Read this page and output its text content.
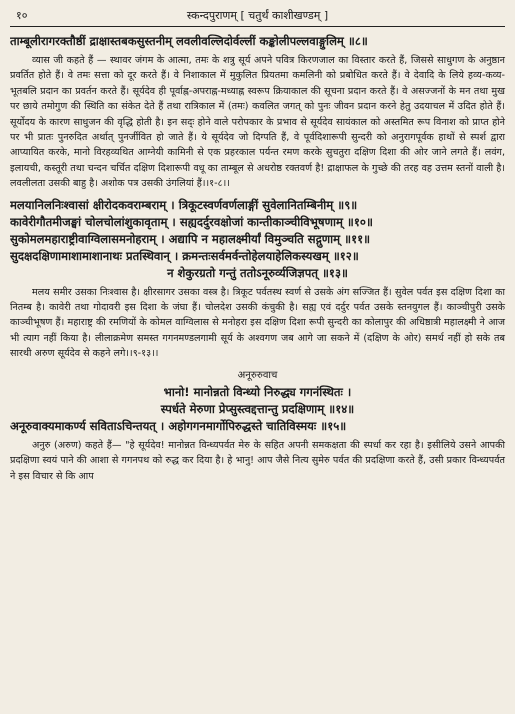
१०	स्कन्दपुराणम् [ चतुर्थं काशीखण्डम् ]
ताम्बूलीरागरक्तौष्ठीं द्राक्षास्तबकसुस्तनीम् लवलीवल्लिदोर्वल्लीं कङ्कोलीपल्लवाङ्गुलिम् ॥८॥

व्यास जी कहते हैं — स्थावर जंगम के आत्मा, तमः के शत्रु सूर्य अपने पवित्र किरणजाल का विस्तार करते हैं, जिससे साधुगण के अनुष्ठान प्रवर्तित होते हैं। वे तमः सत्ता को दूर करते हैं। वे निशाकाल में मुकुलित प्रियतमा कमलिनी को प्रबोधित करते हैं। वे देवादि के लिये हव्य-कव्य-भूतबलि प्रदान का प्रवर्तन करते हैं। सूर्यदेव ही पूर्वाह्न-अपराह्न-मध्याह्न स्वरूप क्रियाकाल की सूचना प्रदान करते हैं। वे असज्जनों के मन तथा मुख पर छाये तमोगुण की स्थिति का संकेत देते हैं तथा रात्रिकाल में (तमः) कवलित जगत् को पुनः जीवन प्रदान करने हेतु उदयाचल में उदित होते हैं। सूर्योदय के कारण साधुजन की वृद्धि होती है। इन सद्‌ः होने वाले परोपकार के प्रभाव से सूर्यदेव सायंकाल को अस्तमित रूप विनाश को प्राप्त होने पर भी प्रातः पुनरुदित अर्थात् पुनर्जीवित हो जाते हैं। ये सूर्यदेव जो दिग्पति हैं, वे पूर्वदिशारूपी सुन्दरी को अनुरागपूर्वक हाथों से स्पर्श द्वारा आप्यायित करके, मानो विरहव्यथित आग्नेयी कामिनी से एक प्रहरकाल पर्यन्त रमण करके सुचतुरा दक्षिण दिशा की ओर जाने लगते हैं। लवंग, इलायची, कस्तूरी तथा चन्दन चर्चित दक्षिण दिशारूपी वधू का ताम्बूल से अधरोष्ठ रक्तवर्ण है! द्राक्षाफल के गुच्छे की तरह वह उत्तम स्तनों वाली है। लवलीलता उसकी बाहु है। अशोक पत्र उसकी उंगलियां हैं।।१-८।।

मलयानिलनिःश्वासां क्षीरोदकवराम्बराम् । त्रिकूटस्वर्णवर्णलाङ्गीं सुवेलानितम्बिनीम् ॥९॥
कावेरीगौतमीजङ्घां चोलचोलांशुकावृताम् । सह्यदर्दुरवक्षोजां कान्तीकाञ्चीविभूषणाम् ॥१०॥
सुकोमलमहाराष्ट्रीवाग्विलासमनोहराम् । अद्यापि न महालक्ष्मीर्यां विमुञ्चति सद्गुणाम् ॥११॥
सुदक्षदक्षिणामाशामाशानाथः प्रतस्थिवान् । क्रमन्तःसर्वमर्वन्तोहेलयाहेलिकस्यखम् ॥१२॥
न शेकुरग्रतो गन्तुं ततोऽनूरुर्व्यजिज्ञपत् ॥१३॥

मलय समीर उसका निःश्वास है। क्षीरसागर उसका वस्त्र है। त्रिकूट पर्वतस्थ स्वर्ण से उसके अंग सज्जित हैं। सुवेल पर्वत इस दक्षिण दिशा का नितम्ब है। कावेरी तथा गोदावरी इस दिशा के जंघा हैं। चोलदेश उसकी कंचुकी है। सह्य एवं दर्दुर पर्वत उसके स्तनयुगल हैं। काञ्चीपुरी उसके काञ्चीभूषण हैं। महाराष्ट्र की रमणियों के कोमल वाग्विलास से मनोहरा इस दक्षिण दिशा रूपी सुन्दरी का कोलापुर की अधिष्ठात्री महालक्ष्मी ने आज भी त्याग नहीं किया है। लीलाक्रमेण समस्त गगनमण्डलगामी सूर्य के अश्वगण जब आगे जा सकने में (दक्षिण के ओर) समर्थ नहीं हो सके तब सारथी अरुण सूर्यदेव से कहने लगे।।९-१३।।

अनूरुरुवाच
भानो! मानोन्नतो विन्ध्यो निरुद्ध्य गगनंस्थितः ।
स्पर्धते मेरुणा प्रेप्सुस्त्वद्दत्तान्तु प्रदक्षिणाम् ॥१४॥
अनूरुवाक्यमाकर्ण्य सविताऽचिन्तयत् । अहोगगनमार्गोपिरुद्धस्ते चातिविस्मयः ॥१५॥

अनुरु (अरुण) कहते हैं— "हे सूर्यदेव! मानोन्नत विन्ध्यपर्वत मेरु के सहित अपनी समकक्षता की स्पर्धा कर रहा है। इसीलिये उसने आपकी प्रदक्षिणा स्वयं पाने की आशा से गगनपथ को रुद्ध कर दिया है। हे भानु! आप जैसे नित्य सुमेरु पर्वत की प्रदक्षिणा करते हैं, उसी प्रकार विन्ध्यपर्वत ने इस विचार से कि आप
